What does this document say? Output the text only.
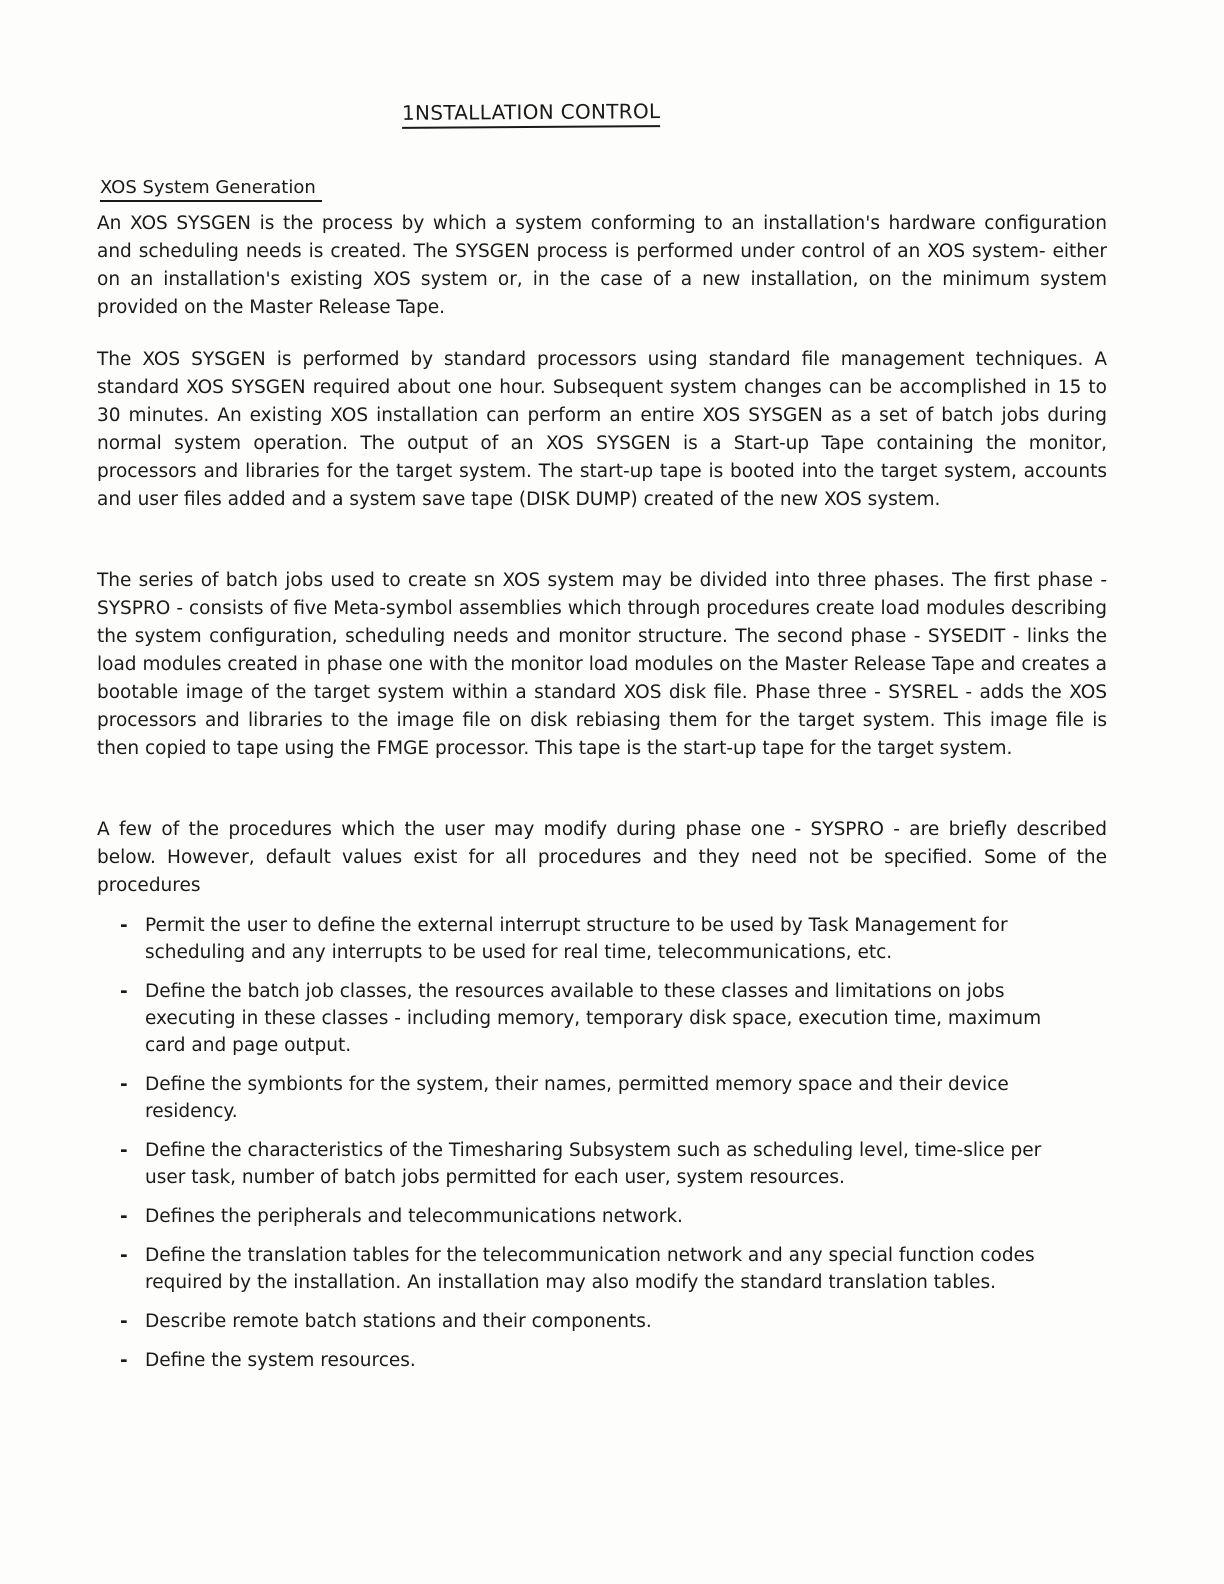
1NSTALLATION CONTROL
XOS System Generation

An XOS SYSGEN is the process by which a system conforming to an installation's hardware configuration and scheduling needs is created. The SYSGEN process is performed under control of an XOS system- either on an installation's existing XOS system or, in the case of a new installation, on the minimum system provided on the Master Release Tape.

The XOS SYSGEN is performed by standard processors using standard file management techniques. A standard XOS SYSGEN required about one hour. Subsequent system changes can be accomplished in 15 to 30 minutes. An existing XOS installation can perform an entire XOS SYSGEN as a set of batch jobs during normal system operation. The output of an XOS SYSGEN is a Start-up Tape containing the monitor, processors and libraries for the target system. The start-up tape is booted into the target system, accounts and user files added and a system save tape (DISK DUMP) created of the new XOS system.

The series of batch jobs used to create sn XOS system may be divided into three phases. The first phase - SYSPRO - consists of five Meta-symbol assemblies which through procedures create load modules describing the system configuration, scheduling needs and monitor structure. The second phase - SYSEDIT - links the load modules created in phase one with the monitor load modules on the Master Release Tape and creates a bootable image of the target system within a standard XOS disk file. Phase three - SYSREL - adds the XOS processors and libraries to the image file on disk rebiasing them for the target system. This image file is then copied to tape using the FMGE processor. This tape is the start-up tape for the target system.

A few of the procedures which the user may modify during phase one - SYSPRO - are briefly described below. However, default values exist for all procedures and they need not be specified. Some of the procedures

- Permit the user to define the external interrupt structure to be used by Task Management for scheduling and any interrupts to be used for real time, telecommunications, etc.
- Define the batch job classes, the resources available to these classes and limitations on jobs executing in these classes - including memory, temporary disk space, execution time, maximum card and page output.
- Define the symbionts for the system, their names, permitted memory space and their device residency.
- Define the characteristics of the Timesharing Subsystem such as scheduling level, time-slice per user task, number of batch jobs permitted for each user, system resources.
- Defines the peripherals and telecommunications network.
- Define the translation tables for the telecommunication network and any special function codes required by the installation. An installation may also modify the standard translation tables.
- Describe remote batch stations and their components.
- Define the system resources.
